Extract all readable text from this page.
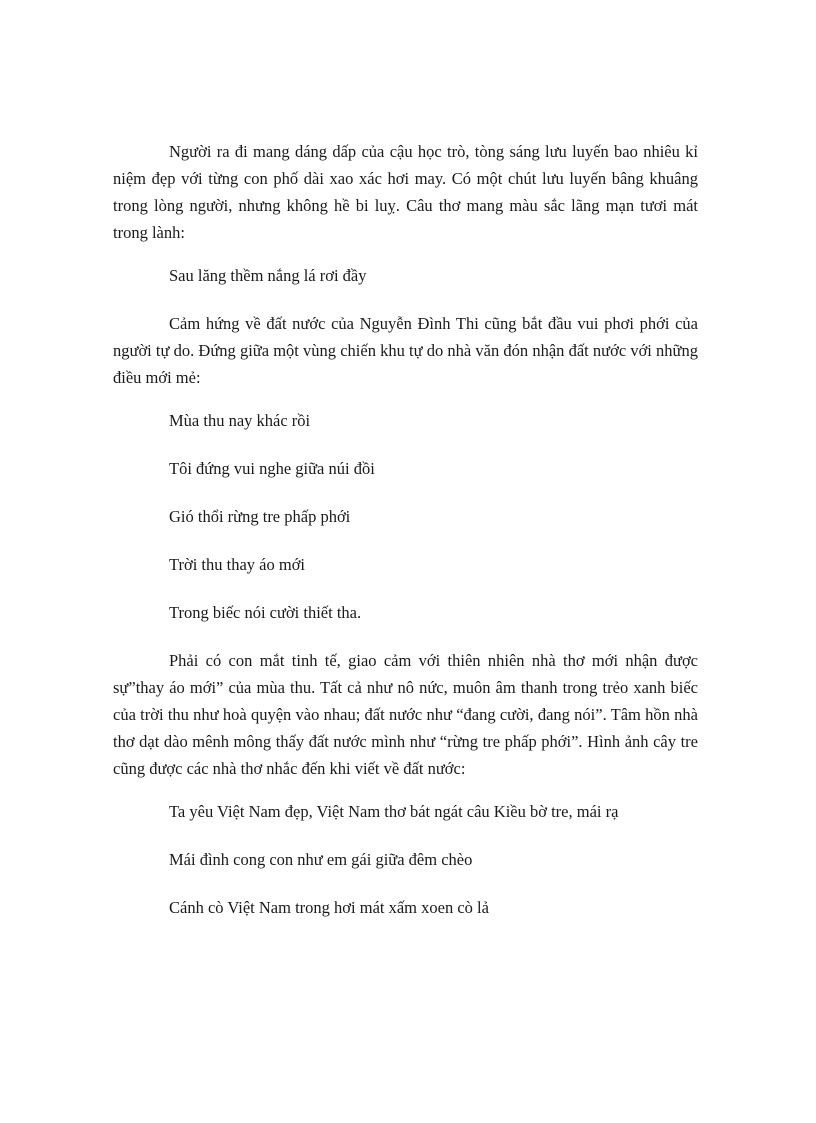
Người ra đi mang dáng dấp của cậu học trò, tòng sáng lưu luyến bao nhiêu kỉ niệm đẹp với từng con phố dài xao xác hơi may. Có một chút lưu luyến bâng khuâng trong lòng người, nhưng không hề bi luỵ. Câu thơ mang màu sắc lãng mạn tươi mát trong lành:

Sau lăng thềm nắng lá rơi đầy

Cảm hứng về đất nước của Nguyễn Đình Thi cũng bắt đầu vui phơi phới của người tự do. Đứng giữa một vùng chiến khu tự do nhà văn đón nhận đất nước với những điều mới mẻ:

Mùa thu nay khác rồi

Tôi đứng vui nghe giữa núi đồi

Gió thổi rừng tre phấp phới

Trời thu thay áo mới

Trong biếc nói cười thiết tha.

Phải có con mắt tinh tế, giao cảm với thiên nhiên nhà thơ mới nhận được sự”thay áo mới” của mùa thu. Tất cả như nô nức, muôn âm thanh trong trẻo xanh biếc của trời thu như hoà quyện vào nhau; đất nước như “đang cười, đang nói”. Tâm hồn nhà thơ dạt dào mênh mông thấy đất nước mình như “rừng tre phấp phới”. Hình ảnh cây tre cũng được các nhà thơ nhắc đến khi viết về đất nước:

Ta yêu Việt Nam đẹp, Việt Nam thơ bát ngát câu Kiều bờ tre, mái rạ

Mái đình cong con như em gái giữa đêm chèo

Cánh cò Việt Nam trong hơi mát xấm xoen cò lả
